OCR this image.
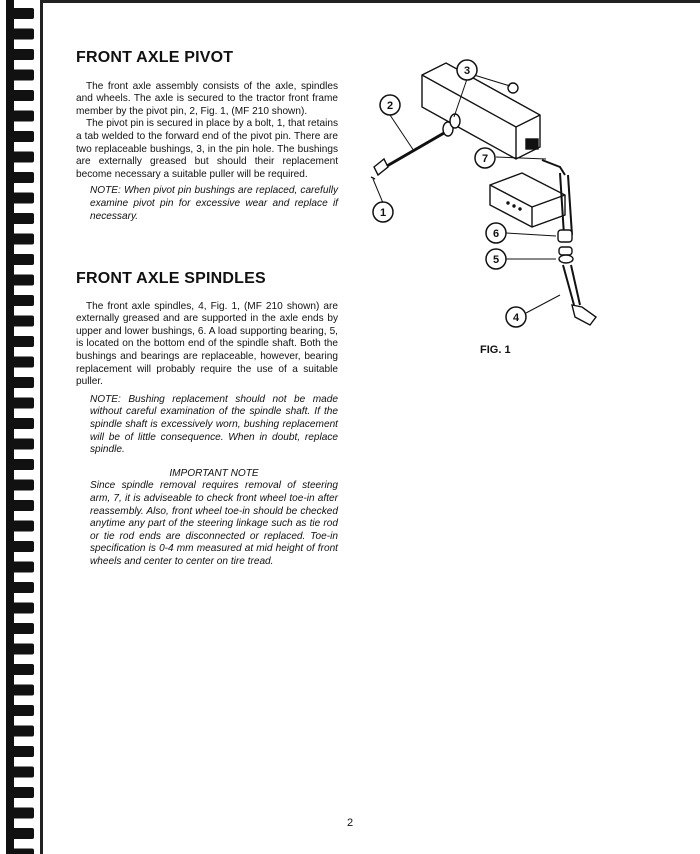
FRONT AXLE PIVOT

The front axle assembly consists of the axle, spindles and wheels. The axle is secured to the tractor front frame member by the pivot pin, 2, Fig. 1, (MF 210 shown).

The pivot pin is secured in place by a bolt, 1, that retains a tab welded to the forward end of the pivot pin. There are two replaceable bushings, 3, in the pin hole. The bushings are externally greased but should their replacement become necessary a suitable puller will be required.

NOTE: When pivot pin bushings are replaced, carefully examine pivot pin for excessive wear and replace if necessary.

FRONT AXLE SPINDLES

The front axle spindles, 4, Fig. 1, (MF 210 shown) are externally greased and are supported in the axle ends by upper and lower bushings, 6. A load supporting bearing, 5, is located on the bottom end of the spindle shaft. Both the bushings and bearings are replaceable, however, bearing replacement will probably require the use of a suitable puller.

NOTE: Bushing replacement should not be made without careful examination of the spindle shaft. If the spindle shaft is excessively worn, bushing replacement will be of little consequence. When in doubt, replace spindle.

IMPORTANT NOTE

Since spindle removal requires removal of steering arm, 7, it is adviseable to check front wheel toe-in after reassembly. Also, front wheel toe-in should be checked anytime any part of the steering linkage such as tie rod or tie rod ends are disconnected or replaced. Toe-in specification is 0-4 mm measured at mid height of front wheels and center to center on tire tread.

3
2
1
7
6
5
4
FIG. 1
2
